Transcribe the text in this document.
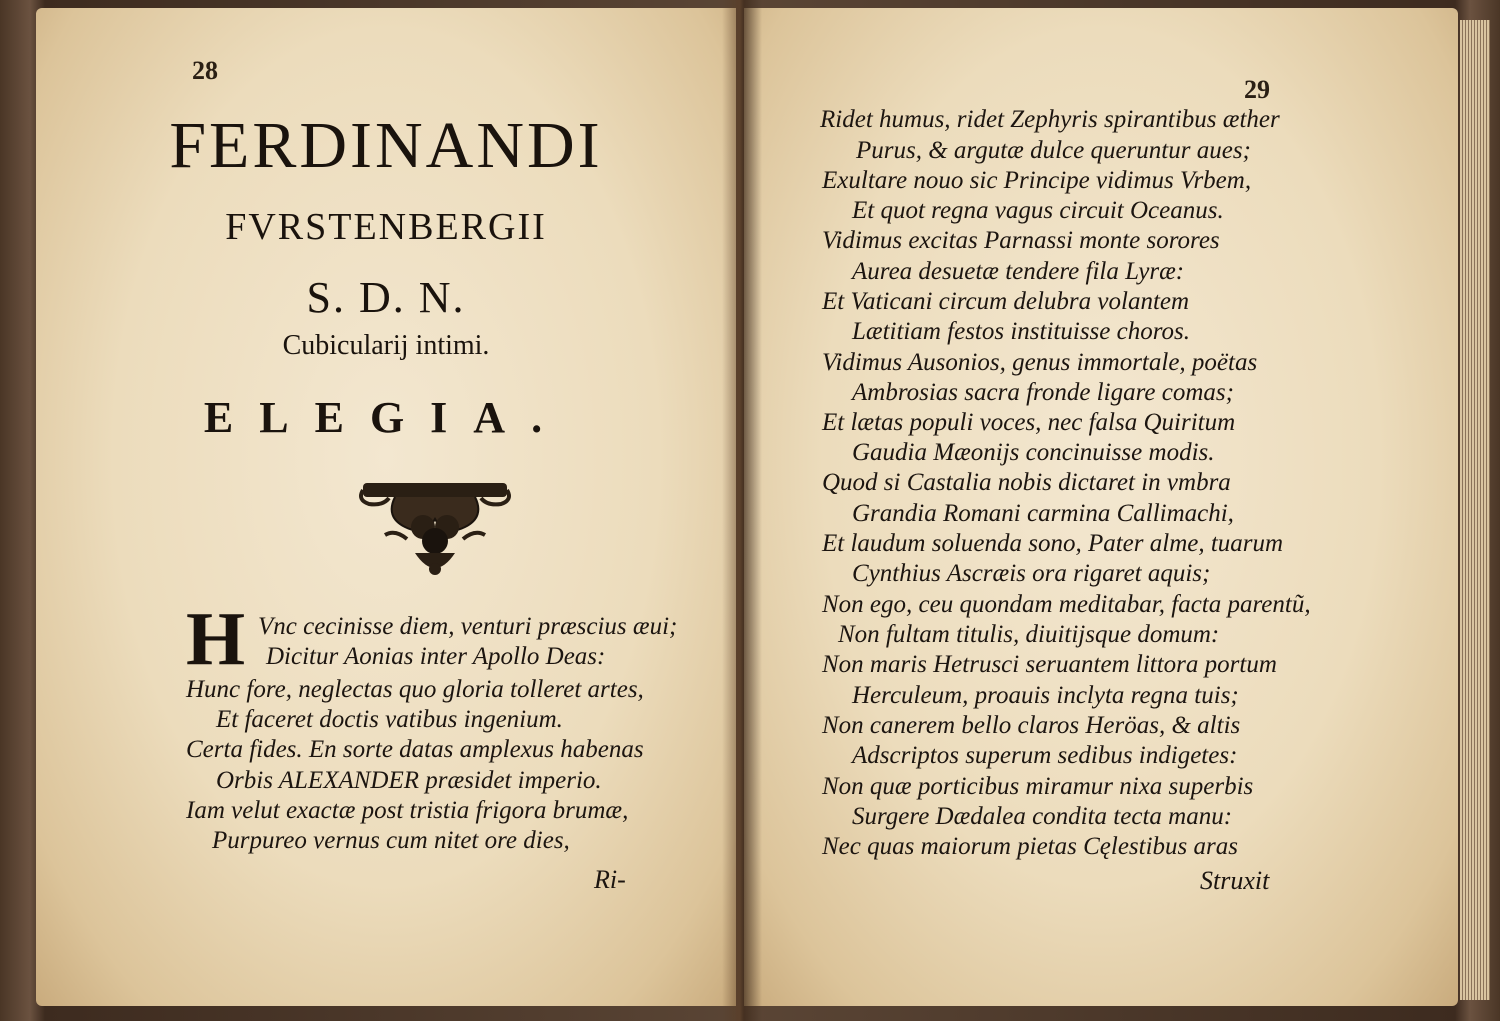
28
FERDINANDI
FVRSTENBERGII
S. D. N.
Cubicularij intimi.
ELEGIA.
H Vnc cecinisse diem, venturi præscius æui;
Dicitur Aonias inter Apollo Deas:
Hunc fore, neglectas quo gloria tolleret artes,
Et faceret doctis vatibus ingenium.
Certa fides. En sorte datas amplexus habenas
Orbis ALEXANDER præsidet imperio.
Iam velut exactæ post tristia frigora brumæ,
Purpureo vernus cum nitet ore dies,
Ri-
29
Ridet humus, ridet Zephyris spirantibus æther
Purus, & argutæ dulce queruntur aues;
Exultare nouo sic Principe vidimus Vrbem,
Et quot regna vagus circuit Oceanus.
Vidimus excitas Parnassi monte sorores
Aurea desuetæ tendere fila Lyræ:
Et Vaticani circum delubra volantem
Lætitiam festos instituisse choros.
Vidimus Ausonios, genus immortale, poëtas
Ambrosias sacra fronde ligare comas;
Et lætas populi voces, nec falsa Quiritum
Gaudia Mæonijs concinuisse modis.
Quod si Castalia nobis dictaret in vmbra
Grandia Romani carmina Callimachi,
Et laudum soluenda sono, Pater alme, tuarum
Cynthius Ascræis ora rigaret aquis;
Non ego, ceu quondam meditabar, facta parentũ,
Non fultam titulis, diuitijsque domum:
Non maris Hetrusci seruantem littora portum
Herculeum, proauis inclyta regna tuis;
Non canerem bello claros Heröas, & altis
Adscriptos superum sedibus indigetes:
Non quæ porticibus miramur nixa superbis
Surgere Dædalea condita tecta manu:
Nec quas maiorum pietas Cęlestibus aras
Struxit
